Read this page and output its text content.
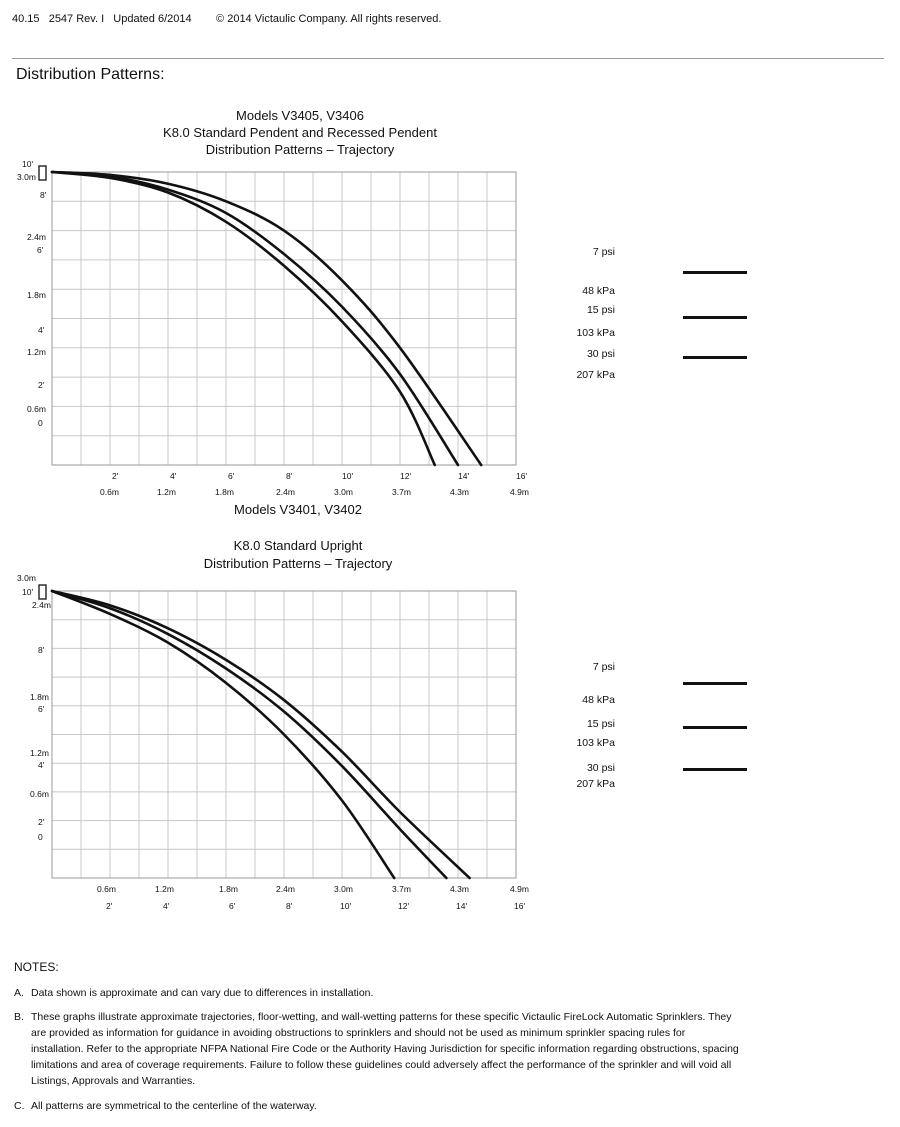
40.15   2547 Rev. I   Updated 6/2014        © 2014 Victaulic Company. All rights reserved.
Distribution Patterns:
Models V3405, V3406
K8.0 Standard Pendent and Recessed Pendent
Distribution Patterns – Trajectory
10'
3.0m
8'
2.4m
6'
1.8m
4'
1.2m
2'
0.6m
0
2'	4'	6'	8'	10'	12'	14'	16'
0.6m	1.2m	1.8m	2.4m	3.0m	3.7m	4.3m	4.9m
7 psi
48 kPa
15 psi
103 kPa
30 psi
207 kPa
Models V3401, V3402
K8.0 Standard Upright
Distribution Patterns – Trajectory
3.0m
10'
2.4m
8'
1.8m
6'
1.2m
4'
0.6m
2'
0
0.6m	1.2m	1.8m	2.4m	3.0m	3.7m	4.3m	4.9m
2'	4'	6'	8'	10'	12'	14'	16'
7 psi
48 kPa
15 psi
103 kPa
30 psi
207 kPa
NOTES:
A. Data shown is approximate and can vary due to differences in installation.
B. These graphs illustrate approximate trajectories, floor-wetting, and wall-wetting patterns for these specific Victaulic FireLock Automatic Sprinklers. They are provided as information for guidance in avoiding obstructions to sprinklers and should not be used as minimum sprinkler spacing rules for installation. Refer to the appropriate NFPA National Fire Code or the Authority Having Jurisdiction for specific information regarding obstructions, spacing limitations and area of coverage requirements. Failure to follow these guidelines could adversely affect the performance of the sprinkler and will void all Listings, Approvals and Warranties.
C. All patterns are symmetrical to the centerline of the waterway.
